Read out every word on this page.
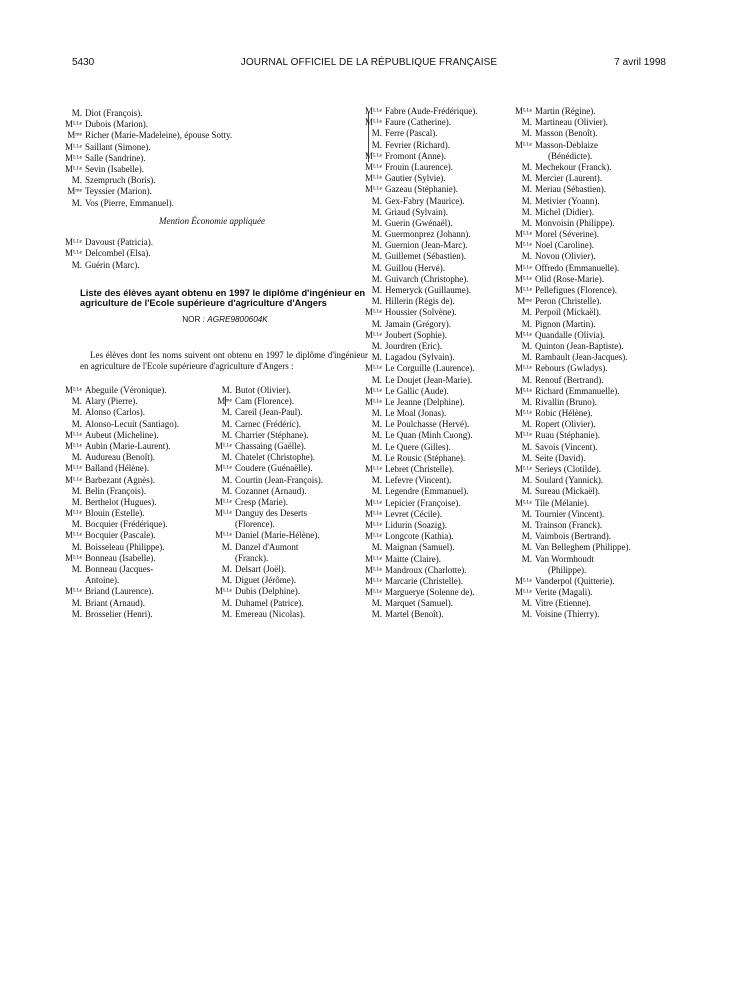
5430	JOURNAL OFFICIEL DE LA RÉPUBLIQUE FRANÇAISE	7 avril 1998
M. Diot (François).
Mᴸᴸᵉ Dubois (Marion).
Mᵐᵉ Richer (Marie-Madeleine), épouse Sotty.
Mᴸᴸᵉ Saillant (Simone).
Mᴸᴸᵉ Salle (Sandrine).
Mᴸᴸᵉ Sevin (Isabelle).
M. Szempruch (Boris).
Mᵐᵉ Teyssier (Marion).
M. Vos (Pierre, Emmanuel).
Mention Économie appliquée
Mᴸᴸᵉ Davoust (Patricia).
Mᴸᴸᵉ Delcombel (Elsa).
M. Guérin (Marc).
Liste des élèves ayant obtenu en 1997 le diplôme d'ingénieur en agriculture de l'Ecole supérieure d'agriculture d'Angers
NOR : AGRE9800604K
Les élèves dont les noms suivent ont obtenu en 1997 le diplôme d'ingénieur en agriculture de l'Ecole supérieure d'agriculture d'Angers :
Mᴸᴸᵉ Abeguile (Véronique).
M. Alary (Pierre).
M. Alonso (Carlos).
M. Alonso-Lecuit (Santiago).
Mᴸᴸᵉ Aubeut (Micheline).
Mᴸᴸᵉ Aubin (Marie-Laurent).
M. Audureau (Benoît).
Mᴸᴸᵉ Balland (Hélène).
Mᴸᴸᵉ Barbezant (Agnès).
M. Belin (François).
M. Berthelot (Hugues).
Mᴸᴸᵉ Blouin (Estelle).
M. Bocquier (Frédérique).
Mᴸᴸᵉ Bocquier (Pascale).
M. Boisseleau (Philippe).
Mᴸᴸᵉ Bonneau (Isabelle).
M. Bonneau (Jacques-
Antoine).
Mᴸᴸᵉ Briand (Laurence).
M. Briant (Arnaud).
M. Brosselier (Henri).
M. Butot (Olivier).
Mᵐᵉ Cam (Florence).
M. Careil (Jean-Paul).
M. Carnec (Frédéric).
M. Charrier (Stéphane).
Mᴸᴸᵉ Chassaing (Gaëlle).
M. Chatelet (Christophe).
Mᴸᴸᵉ Coudere (Guénaëlle).
M. Courtin (Jean-François).
M. Cozannet (Arnaud).
Mᴸᴸᵉ Cresp (Marie).
Mᴸᴸᵉ Danguy des Deserts
(Florence).
Mᴸᴸᵉ Daniel (Marie-Hélène).
M. Danzel d'Aumont
(Franck).
M. Delsart (Joël).
M. Diguet (Jérôme).
Mᴸᴸᵉ Dubis (Delphine).
M. Duhamel (Patrice).
M. Emereau (Nicolas).
Mᴸᴸᵉ Fabre (Aude-Frédérique).
Mᴸᴸᵉ Faure (Catherine).
M. Ferre (Pascal).
M. Fevrier (Richard).
Mᴸᴸᵉ Fromont (Anne).
Mᴸᴸᵉ Frouin (Laurence).
Mᴸᴸᵉ Gautier (Sylvie).
Mᴸᴸᵉ Gazeau (Stéphanie).
M. Gex-Fabry (Maurice).
M. Griaud (Sylvain).
M. Guerin (Gwénaël).
M. Guermonprez (Johann).
M. Guernion (Jean-Marc).
M. Guillemet (Sébastien).
M. Guillou (Hervé).
M. Guivarch (Christophe).
M. Hemeryck (Guillaume).
M. Hillerin (Régis de).
Mᴸᴸᵉ Houssier (Solvène).
M. Jamain (Grégory).
Mᴸᴸᵉ Joubert (Sophie).
M. Jourdren (Eric).
M. Lagadou (Sylvain).
Mᴸᴸᵉ Le Corguille (Laurence).
M. Le Doujet (Jean-Marie).
Mᴸᴸᵉ Le Gallic (Aude).
Mᴸᴸᵉ Le Jeanne (Delphine).
M. Le Moal (Jonas).
M. Le Poulchasse (Hervé).
M. Le Quan (Minh Cuong).
M. Le Quere (Gilles).
M. Le Rousic (Stéphane).
Mᴸᴸᵉ Lebret (Christelle).
M. Lefevre (Vincent).
M. Legendre (Emmanuel).
Mᴸᴸᵉ Lepicier (Françoise).
Mᴸᴸᵉ Levret (Cécile).
Mᴸᴸᵉ Lidurin (Soazig).
Mᴸᴸᵉ Longcote (Kathia).
M. Maignan (Samuel).
Mᴸᴸᵉ Maitte (Claire).
Mᴸᴸᵉ Mandroux (Charlotte).
Mᴸᴸᵉ Marcarie (Christelle).
Mᴸᴸᵉ Marguerye (Solenne de).
M. Marquet (Samuel).
M. Martel (Benoît).
Mᴸᴸᵉ Martin (Régine).
M. Martineau (Olivier).
M. Masson (Benoît).
Mᴸᴸᵉ Masson-Deblaize
(Bénédicte).
M. Mechekour (Franck).
M. Mercier (Laurent).
M. Meriau (Sébastien).
M. Metivier (Yoann).
M. Michel (Didier).
M. Monvoisin (Philippe).
Mᴸᴸᵉ Morel (Séverine).
Mᴸᴸᵉ Noel (Caroline).
M. Novou (Olivier).
Mᴸᴸᵉ Offredo (Emmanuelle).
Mᴸᴸᵉ Olid (Rose-Marie).
Mᴸᴸᵉ Pellefigues (Florence).
Mᵐᵉ Peron (Christelle).
M. Perpoil (Mickaël).
M. Pignon (Martin).
Mᴸᴸᵉ Quandalle (Olivia).
M. Quinton (Jean-Baptiste).
M. Rambault (Jean-Jacques).
Mᴸᴸᵉ Rebours (Gwladys).
M. Renouf (Bertrand).
Mᴸᴸᵉ Richard (Emmanuelle).
M. Rivallin (Bruno).
Mᴸᴸᵉ Robic (Hélène).
M. Ropert (Olivier).
Mᴸᴸᵉ Ruau (Stéphanie).
M. Savois (Vincent).
M. Seite (David).
Mᴸᴸᵉ Serieys (Clotilde).
M. Soulard (Yannick).
M. Sureau (Mickaël).
Mᴸᴸᵉ Tile (Mélanie).
M. Tournier (Vincent).
M. Trainson (Franck).
M. Vaimbois (Bertrand).
M. Van Belleghem (Philippe).
M. Van Wormhoudt
(Philippe).
Mᴸᴸᵉ Vanderpol (Quitterie).
Mᴸᴸᵉ Verite (Magali).
M. Vitre (Etienne).
M. Voisine (Thierry).
